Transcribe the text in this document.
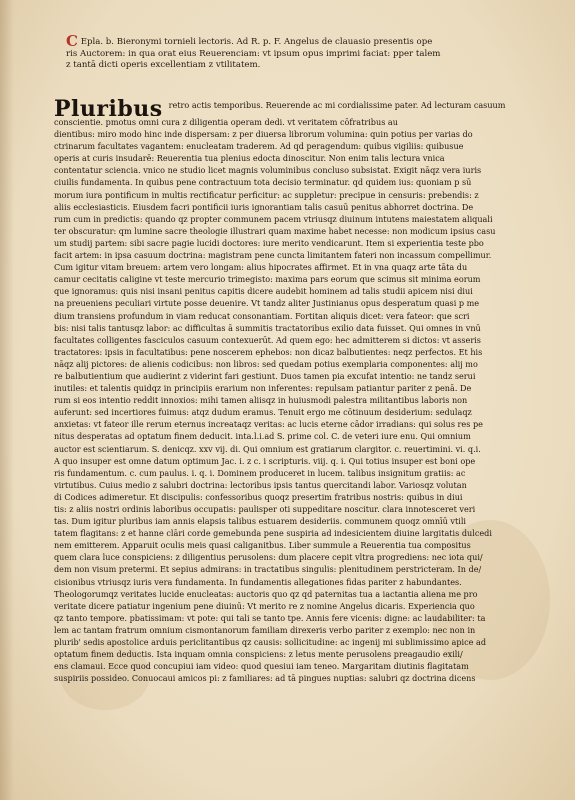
C Epla. b. Bieronymi tornieli lectoris. Ad R. p. F. Angelus de clauasio presentis ope
ris Auctorem: in qua orat eius Reuerenciam: vt ipsum opus imprimi faciat: pper talem
z tantā dicti operis excellentiam z vtilitatem.
Pluribus retro actis temporibus. Reuerende ac mi cordialissime pater. Ad lecturam casuum
conscientie. pmotus omni cura z diligentia operam dedi. vt veritatem cōfratribus au
dientibus: miro modo hinc inde dispersam: z per diuersa librorum volumina: quin potius per varias do
ctrinarum facultates vagantem: enucleatam traderem. Ad qd peragendum: quibus vigiliis: quibusue
operis at curis insudarē: Reuerentia tua plenius edocta dinoscitur. Non enim talis lectura vnica
contentatur sciencia. vnico ne studio licet magnis voluminibus concluso subsistat. Exigit nāqz vera iuris
ciuilis fundamenta. In quibus pene contractuum tota decisio terminatur. qd quidem ius: quoniam p sū
morum iura pontificum in multis rectificatur perficitur: ac suppletur: precipue in censuris: prebendis: z
aliis ecclesiasticis. Eiusdem facri pontificii iuris ignorantiam talis casuū penitus abhorret doctrina. De
rum cum in predictis: quando qz propter communem pacem vtriusqz diuinum intutens maiestatem aliquali
ter obscuratur: qm lumine sacre theologie illustrari quam maxime habet necesse: non modicum ipsius casu
um studij partem: sibi sacre pagie lucidi doctores: iure merito vendicarunt. Item si experientia teste pbo
facit artem: in ipsa casuum doctrina: magistram pene cuncta limitantem fateri non incassum compellimur.
Cum igitur vitam breuem: artem vero longam: alius hipocrates affirmet. Et in vna quaqz arte tāta du
camur cecitatis caligine vt teste mercurio trimegisto: maxima pars eorum que scimus sit minima eorum
que ignoramus: quis nisi insani penitus capitis dicere audebit hominem ad talis studii apicem nisi diui
na preueniens peculiari virtute posse deuenire. Vt tandz aliter Justinianus opus desperatum quasi p me
dium transiens profundum in viam reducat consonantiam. Fortitan aliquis dicet: vera fateor: que scri
bis: nisi talis tantusqz labor: ac difficultas ā summitis tractatoribus exilio data fuisset. Qui omnes in vnū
facultates colligentes fasciculos casuum contexuerūt. Ad quem ego: hec admitterem si dictos: vt asseris
tractatores: ipsis in facultatibus: pene noscerem ephebos: non dicaz balbutientes: neqz perfectos. Et his
nāqz alij pictores: de alienis codicibus: non libros: sed quedam potius exemplaria componentes: alij mo
re balbutientium que audierint z viderint fari gestiunt. Duos tamen pia excufat intentio: ne tandz serui
inutiles: et talentis quidqz in principiis erarium non inferentes: repulsam patiantur pariter z penā. De
rum si eos intentio reddit innoxios: mihi tamen aliisqz in huiusmodi palestra militantibus laboris non
auferunt: sed incertiores fuimus: atqz dudum eramus. Tenuit ergo me cōtinuum desiderium: sedulaqz
anxietas: vt fateor ille rerum eternus increataqz veritas: ac lucis eterne cādor irradians: qui solus res pe
nitus desperatas ad optatum finem deducit. inta.l.i.ad S. prime col. C. de veteri iure enu. Qui omnium
auctor est scientiarum. S. denicqz. xxv vij. di. Qui omnium est gratiarum clargitor. c. reuertimini. vi. q.i.
A quo insuper est omne datum optimum Jac. i. z c. i scripturis. viij. q. i. Qui totius insuper est boni ope
ris fundamentum. c. cum paulus. i. q. i. Dominem produceret in lucem. talibus insignitum gratiis: ac
virtutibus. Cuius medio z salubri doctrina: lectoribus ipsis tantus quercitandi labor. Variosqz volutan
di Codices adimeretur. Et discipulis: confessoribus quoqz presertim fratribus nostris: quibus in diui
tis: z aliis nostri ordinis laboribus occupatis: paulisper oti suppeditare noscitur. clara innotesceret veri
tas. Dum igitur pluribus iam annis elapsis talibus estuarem desideriis. communem quoqz omnīū vtili
tatem flagitans: z et hanne clāri corde gemebunda pene suspiria ad indesicientem diuine largitatis dulcedi
nem emitterem. Apparuit oculis meis quasi caliganitbus. Liber summule a Reuerentia tua compositus
quem clara luce conspiciens: z diligentius perusolens: dum placere cepit vltra progrediens: nec iota qui/
dem non visum pretermi. Et sepius admirans: in tractatibus singulis: plenitudinem perstricteram. In de/
cisionibus vtriusqz iuris vera fundamenta. In fundamentis allegationes fidas pariter z habundantes.
Theologorumqz veritates lucide enucleatas: auctoris quo qz qd paternitas tua a iactantia aliena me pro
veritate dicere patiatur ingenium pene diuinū: Vt merito re z nomine Angelus dicaris. Experiencia quo
qz tanto tempore. pbatissimam: vt pote: qui tali se tanto tpe. Annis fere vicenis: digne: ac laudabiliter: ta
lem ac tantam fratrum omnium cismontanorum familiam direxeris verbo pariter z exemplo: nec non in
plurib' sedis apostolice arduis periclitantibus qz causis: sollicitudine: ac ingenij mi sublimissimo apice ad
optatum finem deductis. Ista inquam omnia conspiciens: z letus mente perusolens preagaudio exili/
ens clamaui. Ecce quod concupiui iam video: quod quesiui iam teneo. Margaritam diutinis flagitatam
suspiriis possideo. Conuocaui amicos pi: z familiares: ad tā pingues nuptias: salubri qz doctrina dicens
